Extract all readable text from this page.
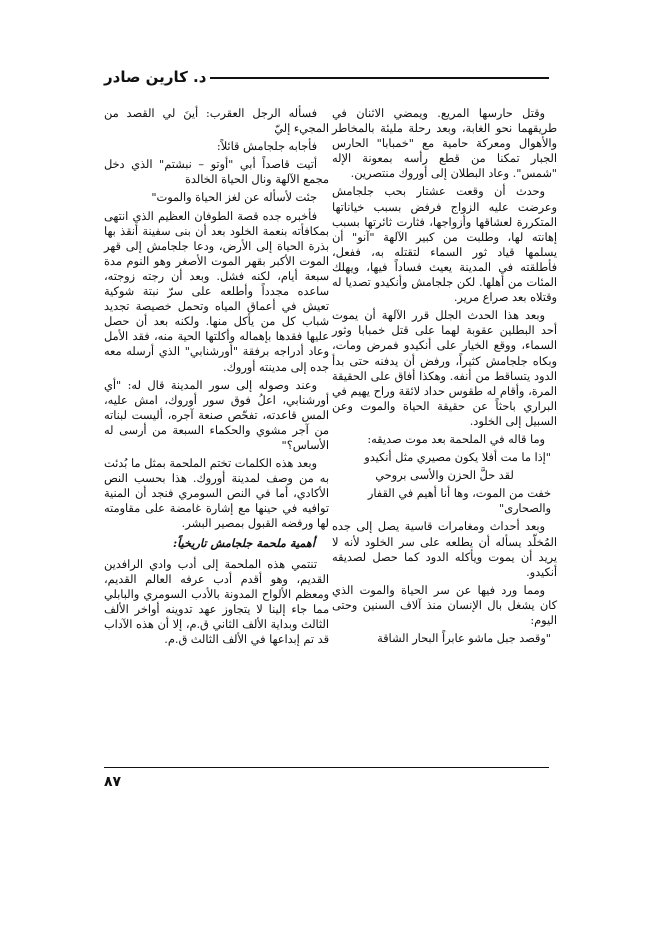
د. كارين صادر

وقتل حارسها المريع. ويمضي الاثنان في طريقهما نحو الغابة، وبعد رحلة مليئة بالمخاطر والأهوال ومعركة حامية مع "خمبابا" الحارس الجبار تمكنا من قطع رأسه بمعونة الإله "شمس". وعاد البطلان إلى أوروك منتصرين.

وحدث أن وقعت عشتار بحب جلجامش وعرضت عليه الزواج فرفض بسبب خياناتها المتكررة لعشاقها وأزواجها، فثارت ثائرتها بسبب إهانته لها، وطلبت من كبير الآلهة "آنو" أن يسلمها قياد ثور السماء لتقتله به، ففعل، فأطلقته في المدينة يعيث فساداً فيها، ويهلك المئات من أهلها. لكن جلجامش وأنكيدو تصديا له وقتلاه بعد صراع مرير.

وبعد هذا الحدث الجلل قرر الآلهة أن يموت أحد البطلين عقوبة لهما على قتل خمبابا وثور السماء، ووقع الخيار على أنكيدو فمرض ومات، وبكاه جلجامش كثيراً، ورفض أن يدفنه حتى بدأ الدود يتساقط من أنفه. وهكذا أفاق على الحقيقة المرة، وأقام له طقوس حداد لائقة وراح يهيم في البراري باحثاً عن حقيقة الحياة والموت وعن السبيل إلى الخلود.

وما قاله في الملحمة بعد موت صديقه:

"إذا ما مت أفلا يكون مصيري مثل أنكيدو

لقد حلَّ الحزن والأسى بروحي

خفت من الموت، وها أنا أهيم في القفار والصحارى"

وبعد أحداث ومغامرات قاسية يصل إلى جده المُخلّد يسأله أن يطلعه على سر الخلود لأنه لا يريد أن يموت ويأكله الدود كما حصل لصديقه أنكيدو.

ومما ورد فيها عن سر الحياة والموت الذي كان يشغل بال الإنسان منذ آلاف السنين وحتى اليوم:

"وقصد جبل ماشو عابراً البحار الشاقة

فسأله الرجل العقرب: أينَ لي القصد من المجيء إليّ

فأجابه جلجامش قائلاً:

أتيت قاصداً أبي "أوتو – نبشتم" الذي دخل مجمع الآلهة ونال الحياة الخالدة

جئت لأسأله عن لغز الحياة والموت"

فأخبره جده قصة الطوفان العظيم الذي انتهى بمكافأته بنعمة الخلود بعد أن بنى سفينة أنقذ بها بذرة الحياة إلى الأرض، ودعا جلجامش إلى قهر الموت الأكبر بقهر الموت الأصغر وهو النوم مدة سبعة أيام، لكنه فشل. وبعد أن رجته زوجته، ساعده مجدداً وأطلعه على سرّ نبتة شوكية تعيش في أعماق المياه وتحمل خصيصة تجديد شباب كل من يأكل منها. ولكنه بعد أن حصل عليها فقدها بإهماله وأكلتها الحية منه، فقد الأمل وعاد أدراجه برفقة "أورشنابي" الذي أرسله معه جده إلى مدينته أوروك.

وعند وصوله إلى سور المدينة قال له: "أي أورشنابي، اعلُ فوق سور أوروك، امش عليه، المس قاعدته، تفحّص صنعة آجره، أليست لبناته من آجر مشوي والحكماء السبعة من أرسى له الأساس؟"

وبعد هذه الكلمات تختم الملحمة بمثل ما بُدئت به من وصف لمدينة أوروك. هذا بحسب النص الأكادي، أما في النص السومري فنجد أن المنية توافيه في حينها مع إشارة غامضة على مقاومته لها ورفضه القبول بمصير البشر.

أهمية ملحمة جلجامش تاريخياً:

تنتمي هذه الملحمة إلى أدب وادي الرافدين القديم، وهو أقدم أدب عرفه العالم القديم، ومعظم الألواح المدونة بالأدب السومري والبابلي مما جاء إلينا لا يتجاوز عهد تدوينه أواخر الألف الثالث وبداية الألف الثاني ق.م، إلا أن هذه الآداب قد تم إبداعها في الألف الثالث ق.م.

٨٧
